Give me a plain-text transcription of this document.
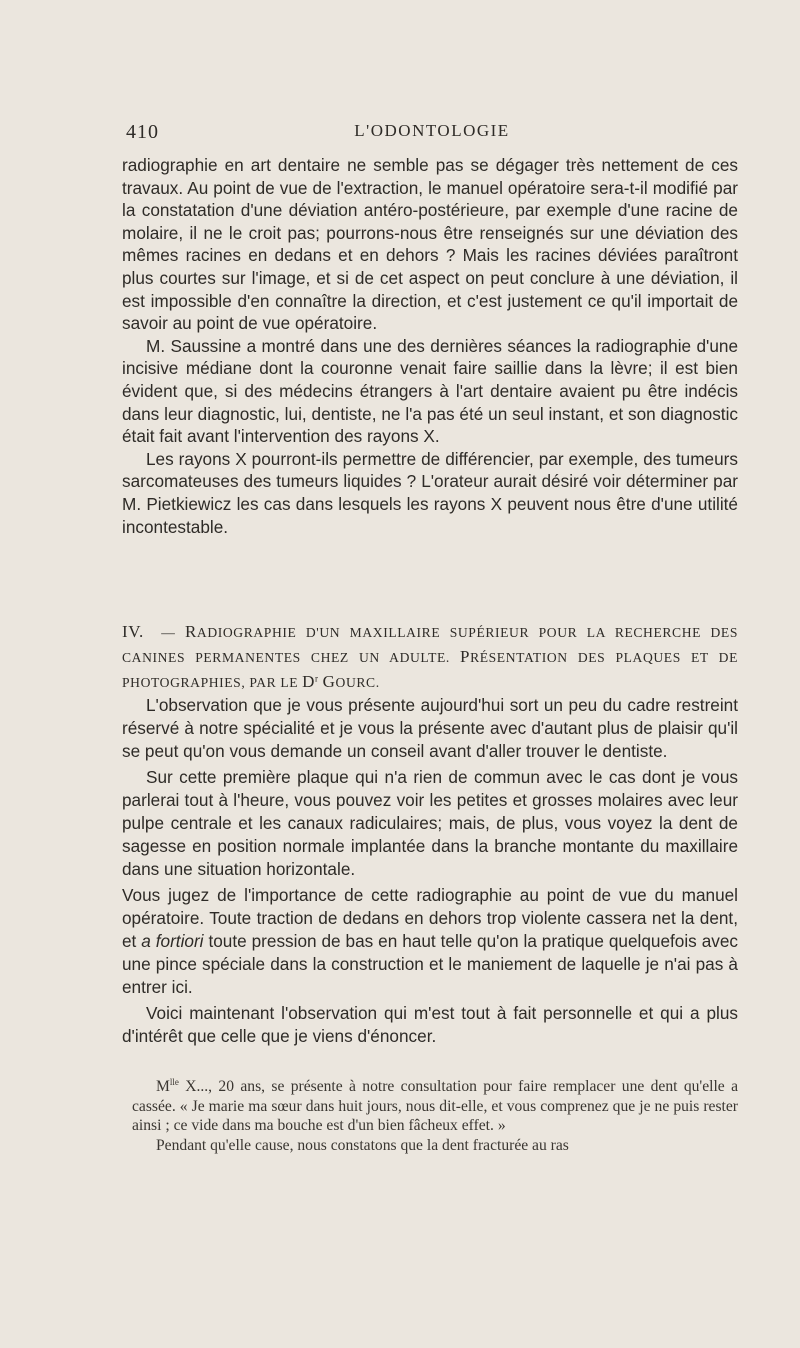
410	L'ODONTOLOGIE

radiographie en art dentaire ne semble pas se dégager très nettement de ces travaux. Au point de vue de l'extraction, le manuel opératoire sera-t-il modifié par la constatation d'une déviation antéro-postérieure, par exemple d'une racine de molaire, il ne le croit pas; pourrons-nous être renseignés sur une déviation des mêmes racines en dedans et en dehors ? Mais les racines déviées paraîtront plus courtes sur l'image, et si de cet aspect on peut conclure à une déviation, il est impossible d'en connaître la direction, et c'est justement ce qu'il importait de savoir au point de vue opératoire.

M. Saussine a montré dans une des dernières séances la radiographie d'une incisive médiane dont la couronne venait faire saillie dans la lèvre; il est bien évident que, si des médecins étrangers à l'art dentaire avaient pu être indécis dans leur diagnostic, lui, dentiste, ne l'a pas été un seul instant, et son diagnostic était fait avant l'intervention des rayons X.

Les rayons X pourront-ils permettre de différencier, par exemple, des tumeurs sarcomateuses des tumeurs liquides ? L'orateur aurait désiré voir déterminer par M. Pietkiewicz les cas dans lesquels les rayons X peuvent nous être d'une utilité incontestable.

IV. — RADIOGRAPHIE D'UN MAXILLAIRE SUPÉRIEUR POUR LA RECHERCHE DES CANINES PERMANENTES CHEZ UN ADULTE. PRÉSENTATION DES PLAQUES ET DE PHOTOGRAPHIES, PAR LE $D^r$ GOURC.

L'observation que je vous présente aujourd'hui sort un peu du cadre restreint réservé à notre spécialité et je vous la présente avec d'autant plus de plaisir qu'il se peut qu'on vous demande un conseil avant d'aller trouver le dentiste.

Sur cette première plaque qui n'a rien de commun avec le cas dont je vous parlerai tout à l'heure, vous pouvez voir les petites et grosses molaires avec leur pulpe centrale et les canaux radiculaires; mais, de plus, vous voyez la dent de sagesse en position normale implantée dans la branche montante du maxillaire dans une situation horizontale.

Vous jugez de l'importance de cette radiographie au point de vue du manuel opératoire. Toute traction de dedans en dehors trop violente cassera net la dent, et a fortiori toute pression de bas en haut telle qu'on la pratique quelquefois avec une pince spéciale dans la construction et le maniement de laquelle je n'ai pas à entrer ici.

Voici maintenant l'observation qui m'est tout à fait personnelle et qui a plus d'intérêt que celle que je viens d'énoncer.

$M^{lle}$ X..., 20 ans, se présente à notre consultation pour faire remplacer une dent qu'elle a cassée. « Je marie ma sœur dans huit jours, nous dit-elle, et vous comprenez que je ne puis rester ainsi ; ce vide dans ma bouche est d'un bien fâcheux effet. »

Pendant qu'elle cause, nous constatons que la dent fracturée au ras
